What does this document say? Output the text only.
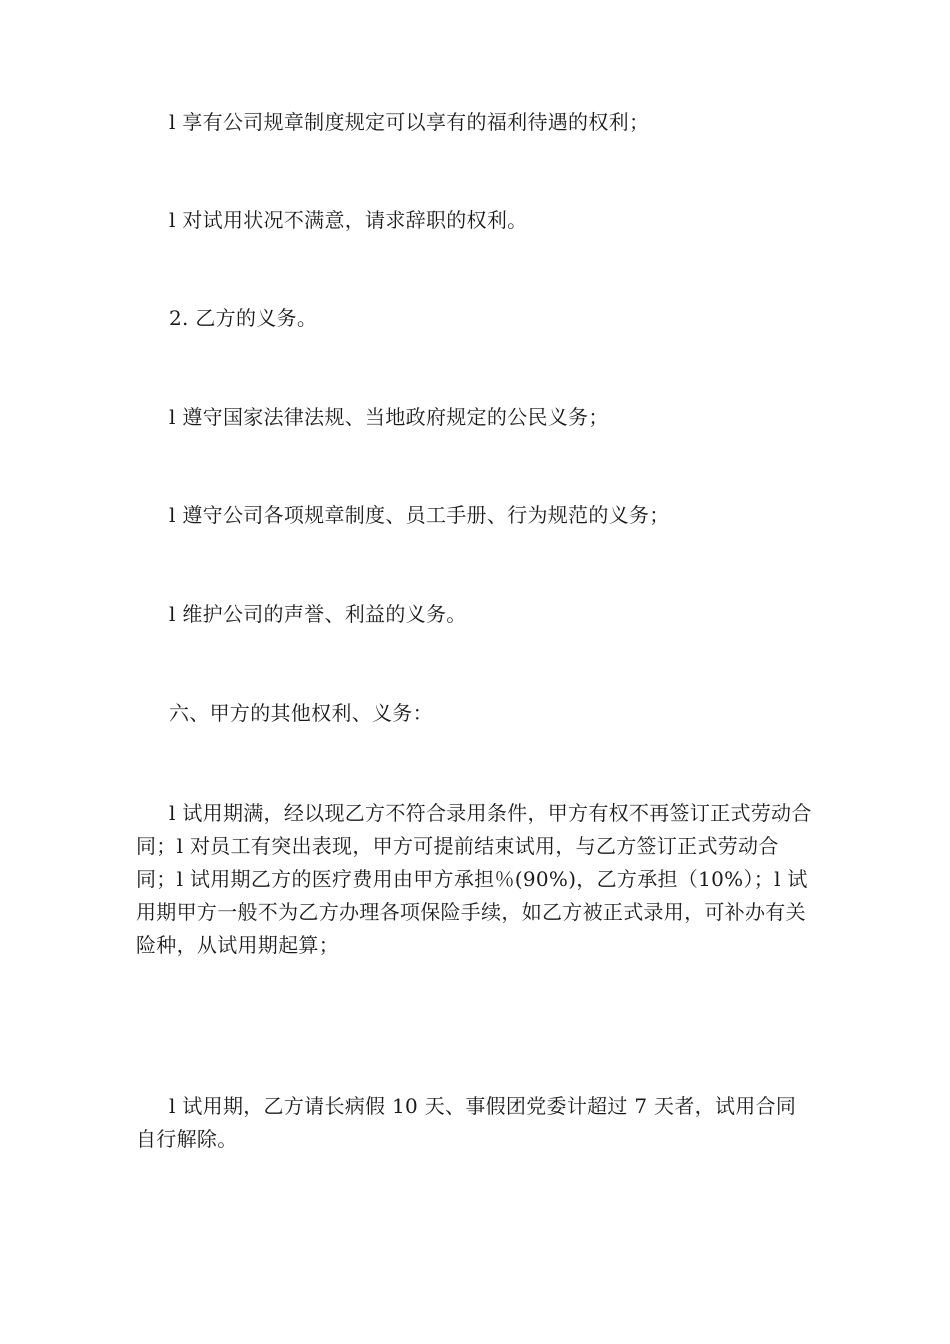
l 享有公司规章制度规定可以享有的福利待遇的权利；

l 对试用状况不满意，请求辞职的权利。

2. 乙方的义务。

l 遵守国家法律法规、当地政府规定的公民义务；

l 遵守公司各项规章制度、员工手册、行为规范的义务；

l 维护公司的声誉、利益的义务。

六、甲方的其他权利、义务：

l 试用期满，经以现乙方不符合录用条件，甲方有权不再签订正式劳动合同；l 对员工有突出表现，甲方可提前结束试用，与乙方签订正式劳动合同；l 试用期乙方的医疗费用由甲方承担％(90%)，乙方承担（10%）；l 试用期甲方一般不为乙方办理各项保险手续，如乙方被正式录用，可补办有关险种，从试用期起算；

l 试用期，乙方请长病假 10 天、事假团党委计超过 7 天者，试用合同自行解除。
